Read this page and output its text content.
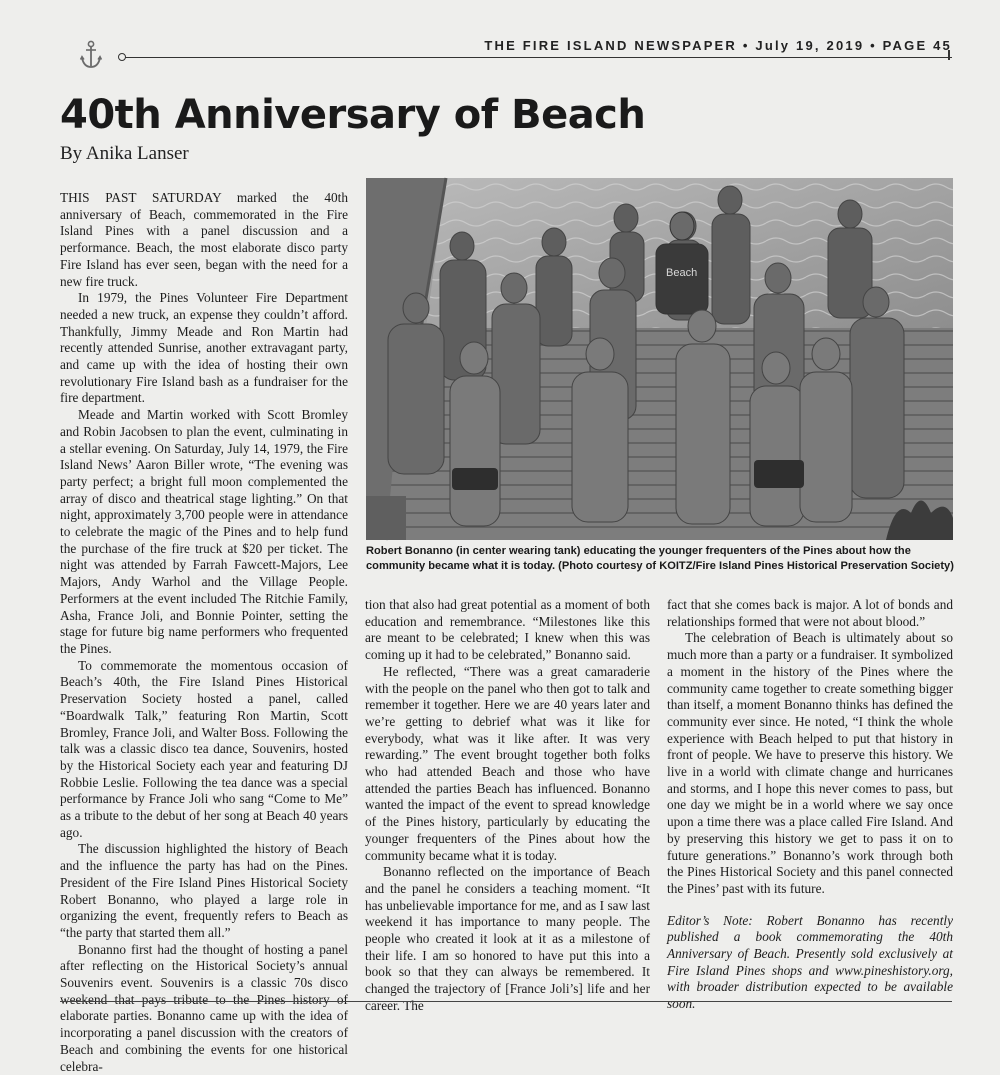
THE FIRE ISLAND NEWSPAPER • July 19, 2019 • PAGE 45
40th Anniversary of Beach
By Anika Lanser

THIS PAST SATURDAY marked the 40th anniversary of Beach, commemorated in the Fire Island Pines with a panel discussion and a performance. Beach, the most elaborate disco party Fire Island has ever seen, began with the need for a new fire truck.

In 1979, the Pines Volunteer Fire Department needed a new truck, an expense they couldn’t afford. Thankfully, Jimmy Meade and Ron Martin had recently attended Sunrise, another extravagant party, and came up with the idea of hosting their own revolutionary Fire Island bash as a fundraiser for the fire department.

Meade and Martin worked with Scott Bromley and Robin Jacobsen to plan the event, culminating in a stellar evening. On Saturday, July 14, 1979, the Fire Island News’ Aaron Biller wrote, “The evening was party perfect; a bright full moon complemented the array of disco and theatrical stage lighting.” On that night, approximately 3,700 people were in attendance to celebrate the magic of the Pines and to help fund the purchase of the fire truck at $20 per ticket. The night was attended by Farrah Fawcett-Majors, Lee Majors, Andy Warhol and the Village People. Performers at the event included The Ritchie Family, Asha, France Joli, and Bonnie Pointer, setting the stage for future big name performers who frequented the Pines.

To commemorate the momentous occasion of Beach’s 40th, the Fire Island Pines Historical Preservation Society hosted a panel, called “Boardwalk Talk,” featuring Ron Martin, Scott Bromley, France Joli, and Walter Boss. Following the talk was a classic disco tea dance, Souvenirs, hosted by the Historical Society each year and featuring DJ Robbie Leslie. Following the tea dance was a special performance by France Joli who sang “Come to Me” as a tribute to the debut of her song at Beach 40 years ago.

The discussion highlighted the history of Beach and the influence the party has had on the Pines. President of the Fire Island Pines Historical Society Robert Bonanno, who played a large role in organizing the event, frequently refers to Beach as “the party that started them all.”

Bonanno first had the thought of hosting a panel after reflecting on the Historical Society’s annual Souvenirs event. Souvenirs is a classic 70s disco weekend that pays tribute to the Pines history of elaborate parties. Bonanno came up with the idea of incorporating a panel discussion with the creators of Beach and combining the events for one historical celebra-

Beach
Robert Bonanno (in center wearing tank) educating the younger frequenters of the Pines about how the community became what it is today. (Photo courtesy of KOITZ/Fire Island Pines Historical Preservation Society)

tion that also had great potential as a moment of both education and remembrance. “Milestones like this are meant to be celebrated; I knew when this was coming up it had to be celebrated,” Bonanno said.

He reflected, “There was a great camaraderie with the people on the panel who then got to talk and remember it together. Here we are 40 years later and we’re getting to debrief what was it like for everybody, what was it like after. It was very rewarding.” The event brought together both folks who had attended Beach and those who have attended the parties Beach has influenced. Bonanno wanted the impact of the event to spread knowledge of the Pines history, particularly by educating the younger frequenters of the Pines about how the community became what it is today.

Bonanno reflected on the importance of Beach and the panel he considers a teaching moment. “It has unbelievable importance for me, and as I saw last weekend it has importance to many people. The people who created it look at it as a milestone of their life. I am so honored to have put this into a book so that they can always be remembered. It changed the trajectory of [France Joli’s] life and her career. The

fact that she comes back is major. A lot of bonds and relationships formed that were not about blood.”

The celebration of Beach is ultimately about so much more than a party or a fundraiser. It symbolized a moment in the history of the Pines where the community came together to create something bigger than itself, a moment Bonanno thinks has defined the community ever since. He noted, “I think the whole experience with Beach helped to put that history in front of people. We have to preserve this history. We live in a world with climate change and hurricanes and storms, and I hope this never comes to pass, but one day we might be in a world where we say once upon a time there was a place called Fire Island. And by preserving this history we get to pass it on to future generations.” Bonanno’s work through both the Pines Historical Society and this panel connected the Pines’ past with its future.

Editor’s Note: Robert Bonanno has recently published a book commemorating the 40th Anniversary of Beach. Presently sold exclusively at Fire Island Pines shops and www.pineshistory.org, with broader distribution expected to be available soon.
